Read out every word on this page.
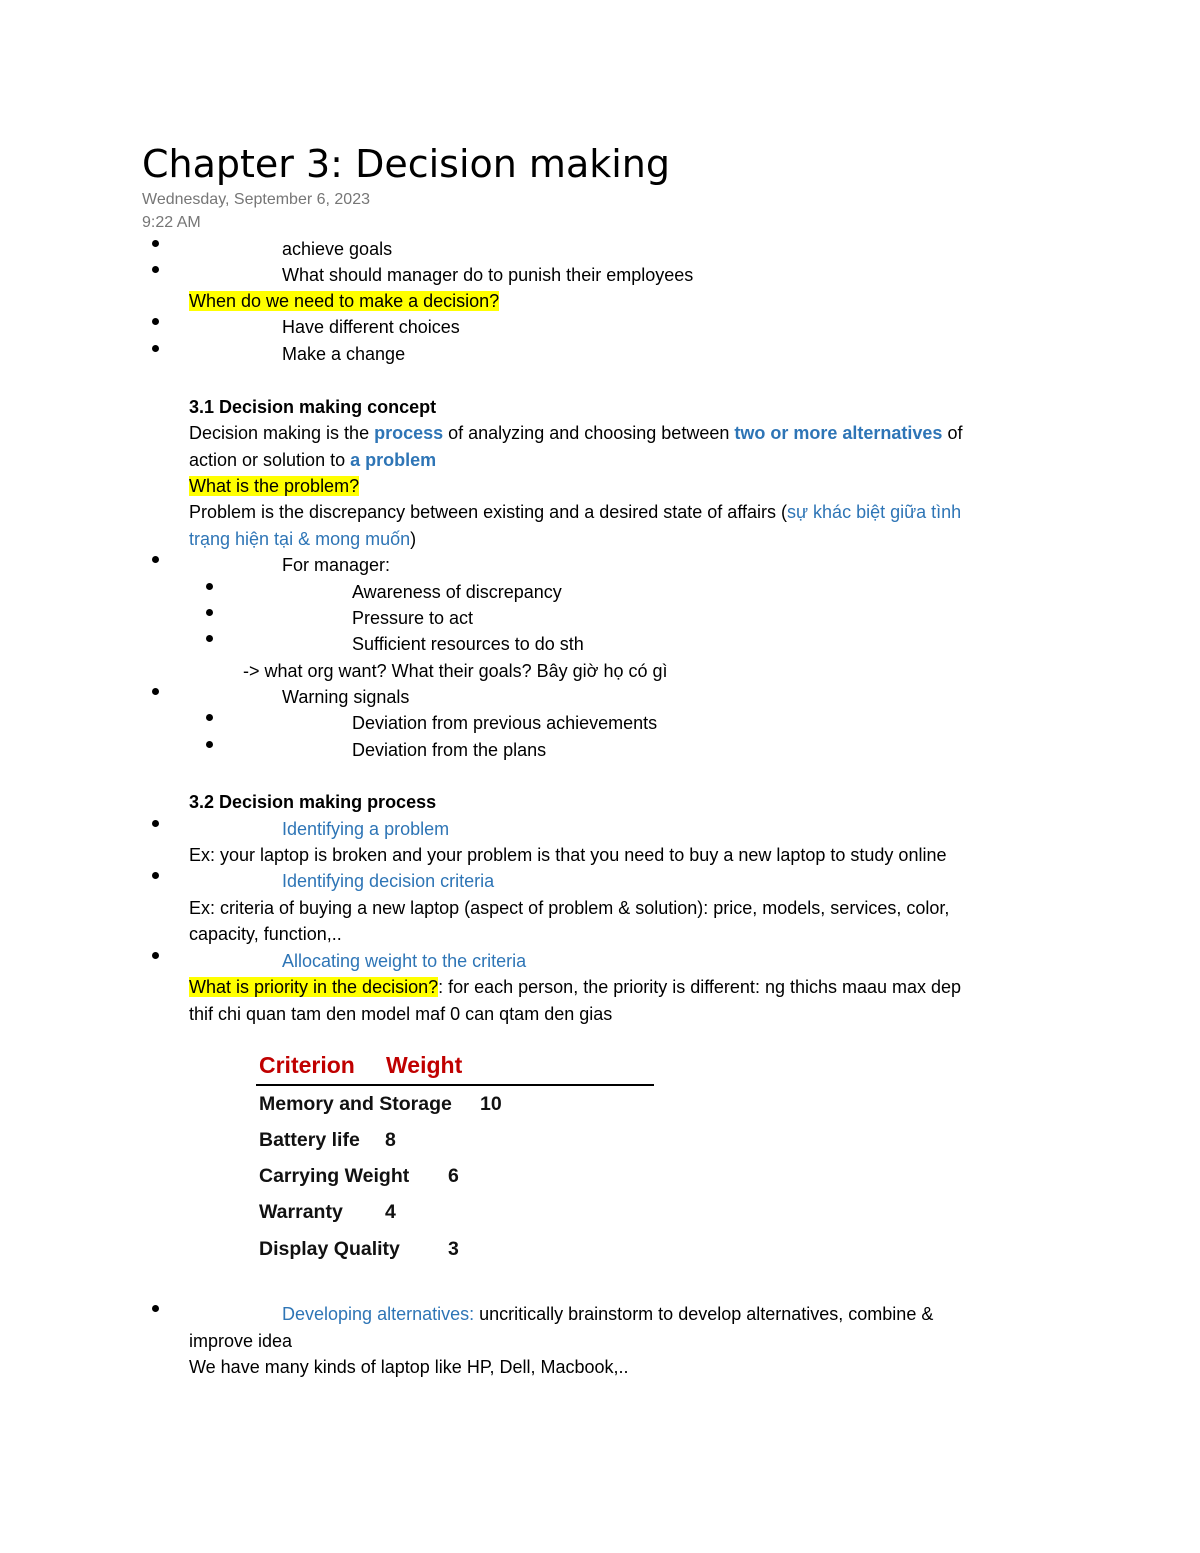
Chapter 3: Decision making
Wednesday, September 6, 2023
9:22 AM
achieve goals
What should manager do to punish their employees
When do we need to make a decision?
Have different choices
Make a change
3.1 Decision making concept
Decision making is the process of analyzing and choosing between two or more alternatives of
action or solution to a problem
What is the problem?
Problem is the discrepancy between existing and a desired state of affairs (sự khác biệt giữa tình
trạng hiện tại & mong muốn)
For manager:
Awareness of discrepancy
Pressure to act
Sufficient resources to do sth
-> what org want? What their goals? Bây giờ họ có gì
Warning signals
Deviation from previous achievements
Deviation from the plans
3.2 Decision making process
Identifying a problem
Ex: your laptop is broken and your problem is that you need to buy a new laptop to study online
Identifying decision criteria
Ex: criteria of buying a new laptop (aspect of problem & solution): price, models, services, color,
capacity, function,..
Allocating weight to the criteria
What is priority in the decision?: for each person, the priority is different: ng thichs maau max dep
thif chi quan tam den model maf 0 can qtam den gias
Criterion Weight
Memory and Storage 10
Battery life 8
Carrying Weight 6
Warranty 4
Display Quality 3
Developing alternatives: uncritically brainstorm to develop alternatives, combine &
improve idea
We have many kinds of laptop like HP, Dell, Macbook,..
